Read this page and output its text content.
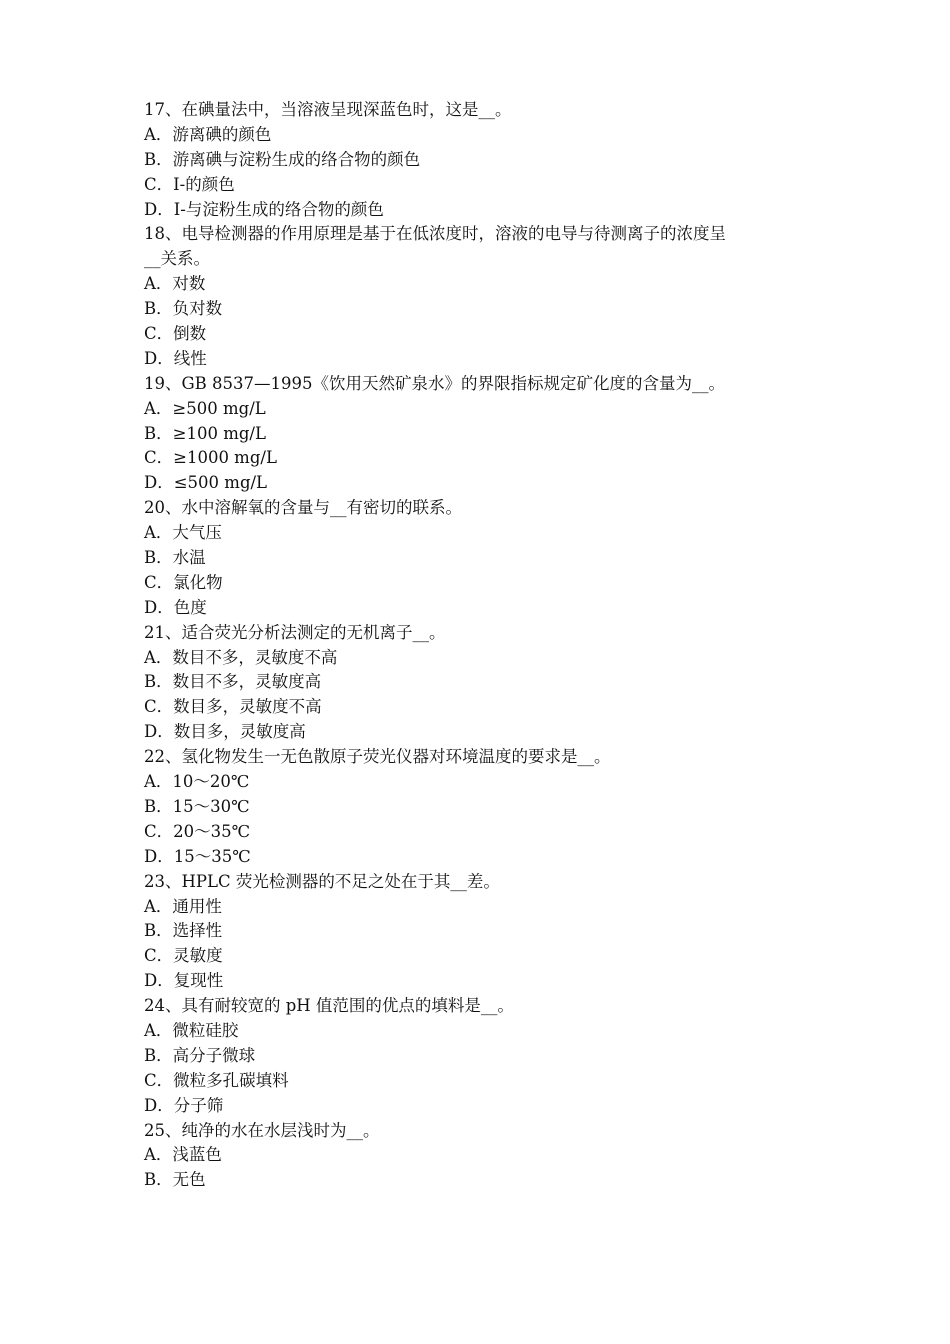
17、在碘量法中，当溶液呈现深蓝色时，这是__。
A．游离碘的颜色
B．游离碘与淀粉生成的络合物的颜色
C．I-的颜色
D．I-与淀粉生成的络合物的颜色
18、电导检测器的作用原理是基于在低浓度时，溶液的电导与待测离子的浓度呈
__关系。
A．对数
B．负对数
C．倒数
D．线性
19、GB 8537—1995《饮用天然矿泉水》的界限指标规定矿化度的含量为__。
A．≥500 mg/L
B．≥100 mg/L
C．≥1000 mg/L
D．≤500 mg/L
20、水中溶解氧的含量与__有密切的联系。
A．大气压
B．水温
C．氯化物
D．色度
21、适合荧光分析法测定的无机离子__。
A．数目不多，灵敏度不高
B．数目不多，灵敏度高
C．数目多，灵敏度不高
D．数目多，灵敏度高
22、氢化物发生一无色散原子荧光仪器对环境温度的要求是__。
A．10～20℃
B．15～30℃
C．20～35℃
D．15～35℃
23、HPLC 荧光检测器的不足之处在于其__差。
A．通用性
B．选择性
C．灵敏度
D．复现性
24、具有耐较宽的 pH 值范围的优点的填料是__。
A．微粒硅胶
B．高分子微球
C．微粒多孔碳填料
D．分子筛
25、纯净的水在水层浅时为__。
A．浅蓝色
B．无色
